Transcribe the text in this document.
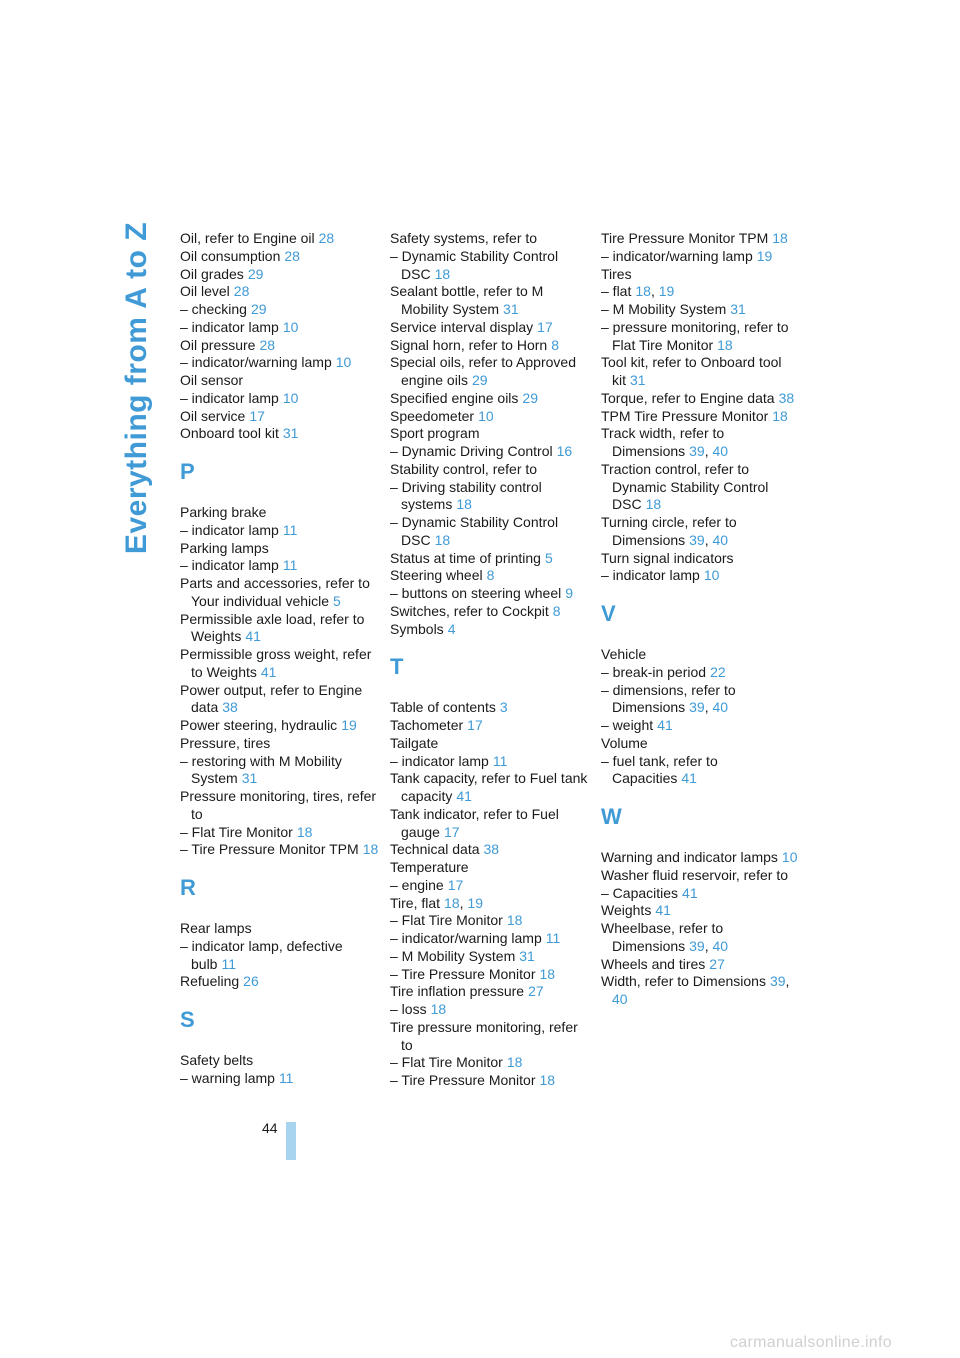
Everything from A to Z Oil, refer to Engine oil 28
Oil consumption 28
Oil grades 29
Oil level 28
– checking 29
– indicator lamp 10
Oil pressure 28
– indicator/warning lamp 10
Oil sensor
– indicator lamp 10
Oil service 17
Onboard tool kit 31
P
Parking brake
– indicator lamp 11
Parking lamps
– indicator lamp 11
Parts and accessories, refer to Your individual vehicle 5
Permissible axle load, refer to Weights 41
Permissible gross weight, refer to Weights 41
Power output, refer to Engine data 38
Power steering, hydraulic 19
Pressure, tires
– restoring with M Mobility System 31
Pressure monitoring, tires, refer to
– Flat Tire Monitor 18
– Tire Pressure Monitor TPM 18
R
Rear lamps
– indicator lamp, defective bulb 11
Refueling 26
S
Safety belts
– warning lamp 11
Safety systems, refer to
– Dynamic Stability Control DSC 18
Sealant bottle, refer to M Mobility System 31
Service interval display 17
Signal horn, refer to Horn 8
Special oils, refer to Approved engine oils 29
Specified engine oils 29
Speedometer 10
Sport program
– Dynamic Driving Control 16
Stability control, refer to
– Driving stability control systems 18
– Dynamic Stability Control DSC 18
Status at time of printing 5
Steering wheel 8
– buttons on steering wheel 9
Switches, refer to Cockpit 8
Symbols 4
T
Table of contents 3
Tachometer 17
Tailgate
– indicator lamp 11
Tank capacity, refer to Fuel tank capacity 41
Tank indicator, refer to Fuel gauge 17
Technical data 38
Temperature
– engine 17
Tire, flat 18, 19
– Flat Tire Monitor 18
– indicator/warning lamp 11
– M Mobility System 31
– Tire Pressure Monitor 18
Tire inflation pressure 27
– loss 18
Tire pressure monitoring, refer to
– Flat Tire Monitor 18
– Tire Pressure Monitor 18
Tire Pressure Monitor TPM 18
– indicator/warning lamp 19
Tires
– flat 18, 19
– M Mobility System 31
– pressure monitoring, refer to Flat Tire Monitor 18
Tool kit, refer to Onboard tool kit 31
Torque, refer to Engine data 38
TPM Tire Pressure Monitor 18
Track width, refer to Dimensions 39, 40
Traction control, refer to Dynamic Stability Control DSC 18
Turning circle, refer to Dimensions 39, 40
Turn signal indicators
– indicator lamp 10
V
Vehicle
– break-in period 22
– dimensions, refer to Dimensions 39, 40
– weight 41
Volume
– fuel tank, refer to Capacities 41
W
Warning and indicator lamps 10
Washer fluid reservoir, refer to
– Capacities 41
Weights 41
Wheelbase, refer to Dimensions 39, 40
Wheels and tires 27
Width, refer to Dimensions 39, 40
44
carmanualsonline.info
